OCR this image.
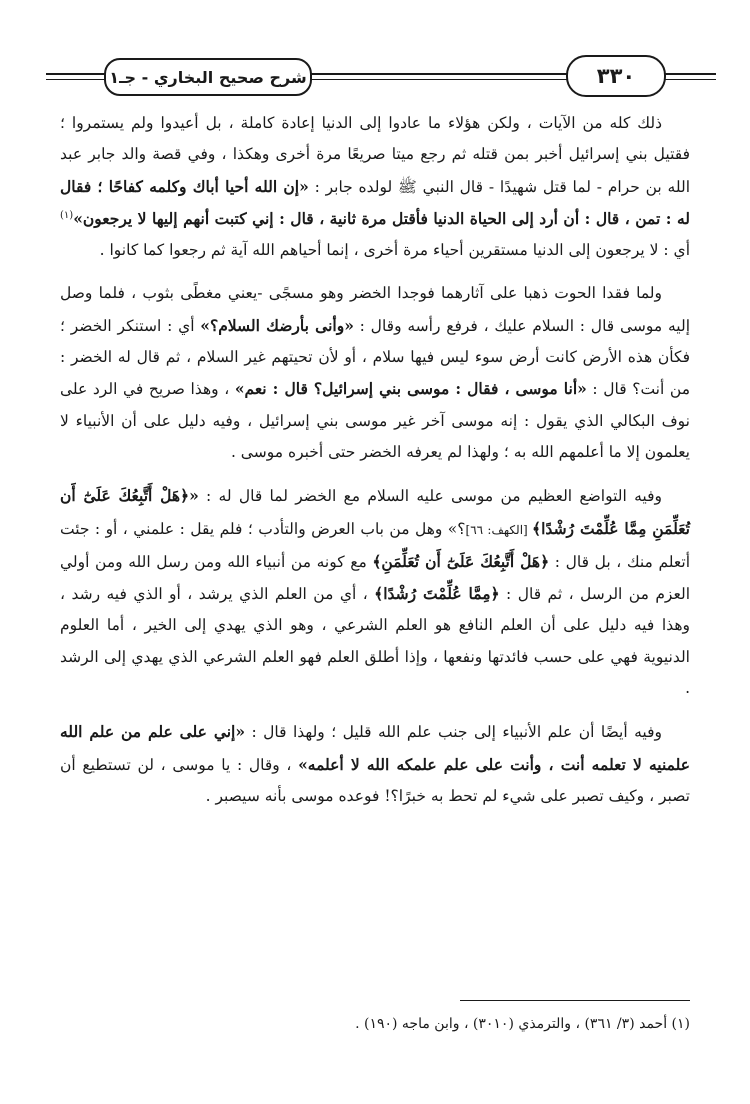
شرح صحيح البخاري - جـ١	٣٣٠

ذلك كله من الآيات ، ولكن هؤلاء ما عادوا إلى الدنيا إعادة كاملة ، بل أعيدوا ولم يستمروا ؛ فقتيل بني إسرائيل أخبر بمن قتله ثم رجع ميتا صريعًا مرة أخرى وهكذا ، وفي قصة والد جابر عبد الله بن حرام - لما قتل شهيدًا - قال النبي ﷺ لولده جابر : «إن الله أحيا أباك وكلمه كفاحًا ؛ فقال له : تمن ، قال : أن أرد إلى الحياة الدنيا فأقتل مرة ثانية ، قال : إني كتبت أنهم إليها لا يرجعون»$^{(١)}$ أي : لا يرجعون إلى الدنيا مستقرين أحياء مرة أخرى ، إنما أحياهم الله آية ثم رجعوا كما كانوا .

ولما فقدا الحوت ذهبا على آثارهما فوجدا الخضر وهو مسجًى -يعني مغطًى بثوب ، فلما وصل إليه موسى قال : السلام عليك ، فرفع رأسه وقال : «وأنى بأرضك السلام؟» أي : استنكر الخضر ؛ فكأن هذه الأرض كانت أرض سوء ليس فيها سلام ، أو لأن تحيتهم غير السلام ، ثم قال له الخضر : من أنت؟ قال : «أنا موسى ، فقال : موسى بني إسرائيل؟ قال : نعم» ، وهذا صريح في الرد على نوف البكالي الذي يقول : إنه موسى آخر غير موسى بني إسرائيل ، وفيه دليل على أن الأنبياء لا يعلمون إلا ما أعلمهم الله به ؛ ولهذا لم يعرفه الخضر حتى أخبره موسى .

وفيه التواضع العظيم من موسى عليه السلام مع الخضر لما قال له : «﴿هَلْ أَتَّبِعُكَ عَلَىٰٓ أَن تُعَلِّمَنِ مِمَّا عُلِّمْتَ رُشْدًا﴾ [الكهف: ٦٦]؟» وهل من باب العرض والتأدب ؛ فلم يقل : علمني ، أو : جئت أتعلم منك ، بل قال : ﴿هَلْ أَتَّبِعُكَ عَلَىٰٓ أَن تُعَلِّمَنِ﴾ مع كونه من أنبياء الله ومن رسل الله ومن أولي العزم من الرسل ، ثم قال : ﴿مِمَّا عُلِّمْتَ رُشْدًا﴾ ، أي من العلم الذي يرشد ، أو الذي فيه رشد ، وهذا فيه دليل على أن العلم النافع هو العلم الشرعي ، وهو الذي يهدي إلى الخير ، أما العلوم الدنيوية فهي على حسب فائدتها ونفعها ، وإذا أطلق العلم فهو العلم الشرعي الذي يهدي إلى الرشد .

وفيه أيضًا أن علم الأنبياء إلى جنب علم الله قليل ؛ ولهذا قال : «إني على علم من علم الله علمنيه لا تعلمه أنت ، وأنت على علم علمكه الله لا أعلمه» ، وقال : يا موسى ، لن تستطيع أن تصبر ، وكيف تصبر على شيء لم تحط به خبرًا؟! فوعده موسى بأنه سيصبر .

(١) أحمد (٣/ ٣٦١) ، والترمذي (٣٠١٠) ، وابن ماجه (١٩٠) .
